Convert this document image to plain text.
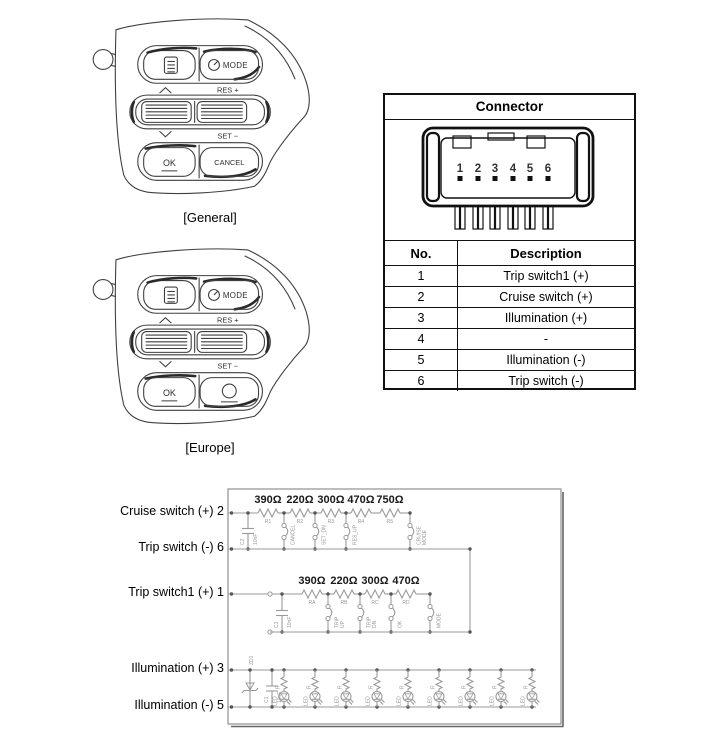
MODE
RES +
SET −
OK	CANCEL
[General]
MODE
RES +
SET −
OK
[Europe]
Connector
1 2 3 4 5 6
No.	Description
1	Trip switch1 (+)
2	Cruise switch (+)
3	Illumination (+)
4	-
5	Illumination (-)
6	Trip switch (-)
390Ω
R1
220Ω
R2
300Ω
R3
470Ω
R4
750Ω
R5
C2 10nF	CANCEL	SET_DN	RES_UP	CRUISE MODE
390Ω
RA
220Ω
RB
300Ω
RC
470Ω
RD
C3 10nF	TRIP UP	TRIP DN	OK	MODE
ZD1
C1 10nF
R
LED
R
LED
R
LED
R
LED
R
LED
R
LED
R
LED
R
LED
R
LED
Cruise switch (+) 2
Trip switch (-) 6
Trip switch1 (+) 1
Illumination (+) 3
Illumination (-) 5
